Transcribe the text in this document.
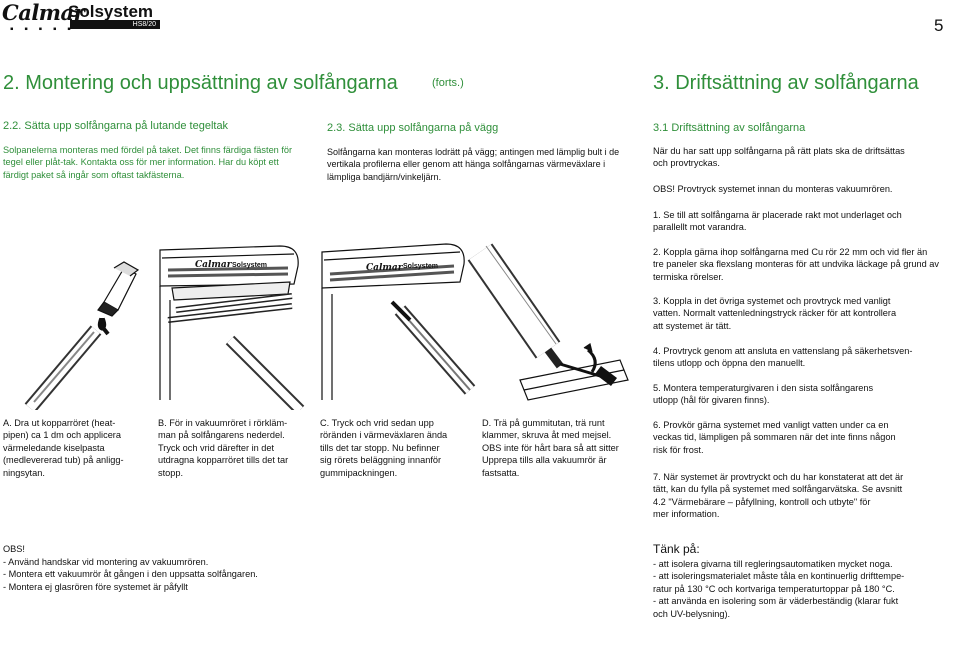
HS8/20
Calmar
Solsystem
▪ ▪ ▪ ▪ ▪	5
2. Montering och uppsättning av solfångarna	(forts.)
2.2. Sätta upp solfångarna på lutande tegeltak

Solpanelerna monteras med fördel på taket. Det finns färdiga fästen för tegel eller plåt-tak. Kontakta oss för mer information. Har du köpt ett färdigt paket så ingår som oftast takfästerna.

2.3. Sätta upp solfångarna på vägg

Solfångarna kan monteras lodrätt på vägg; antingen med lämplig bult i de vertikala profilerna eller genom att hänga solfångarnas värmeväxlare i lämpliga bandjärn/vinkeljärn.

Calmar Solsystem	Calmar Solsystem

A. Dra ut kopparröret (heat-
pipen) ca 1 dm och applicera
värmeledande kiselpasta
(medlevererad tub) på anligg-
ningsytan.

B. För in vakuumröret i rörkläm-
man på solfångarens nederdel.
Tryck och vrid därefter in det
utdragna kopparröret tills det tar
stopp.

C. Tryck och vrid sedan upp
röränden i värmeväxlaren ända
tills det tar stopp. Nu befinner
sig rörets beläggning innanför
gummipackningen.

D. Trä på gummitutan, trä runt
klammer, skruva åt med mejsel.
OBS inte för hårt bara så att sitter
Upprepa tills alla vakuumrör är
fastsatta.

OBS!
- Använd handskar vid montering av vakuumrören.
- Montera ett vakuumrör åt gången i den uppsatta solfångaren.
- Montera ej glasrören före systemet är påfyllt
3. Driftsättning av solfångarna
3.1 Driftsättning av solfångarna

När du har satt upp solfångarna på rätt plats ska de driftsättas
och provtryckas.

OBS! Provtryck systemet innan du monteras vakuumrören.

1. Se till att solfångarna är placerade rakt mot underlaget och
parallellt mot varandra.

2. Koppla gärna ihop solfångarna med Cu rör 22 mm och vid fler än
tre paneler ska flexslang monteras för att undvika läckage på grund av
termiska rörelser.

3. Koppla in det övriga systemet och provtryck med vanligt
vatten. Normalt vattenledningstryck räcker för att kontrollera
att systemet är tätt.

4. Provtryck genom att ansluta en vattenslang på säkerhetsven-
tilens utlopp och öppna den manuellt.

5. Montera temperaturgivaren i den sista solfångarens
utlopp (hål för givaren finns).

6. Provkör gärna systemet med vanligt vatten under ca en
veckas tid, lämpligen på sommaren när det inte finns någon
risk för frost.

7. När systemet är provtryckt och du har konstaterat att det är
tätt, kan du fylla på systemet med solfångarvätska. Se avsnitt
4.2 "Värmebärare – påfyllning, kontroll och utbyte" för
mer information.

Tänk på:
- att isolera givarna till regleringsautomatiken mycket noga.
- att isoleringsmaterialet måste tåla en kontinuerlig drifttempe-
ratur på 130 °C och kortvariga temperaturtoppar på 180 °C.
- att använda en isolering som är väderbeständig (klarar fukt
och UV-belysning).
